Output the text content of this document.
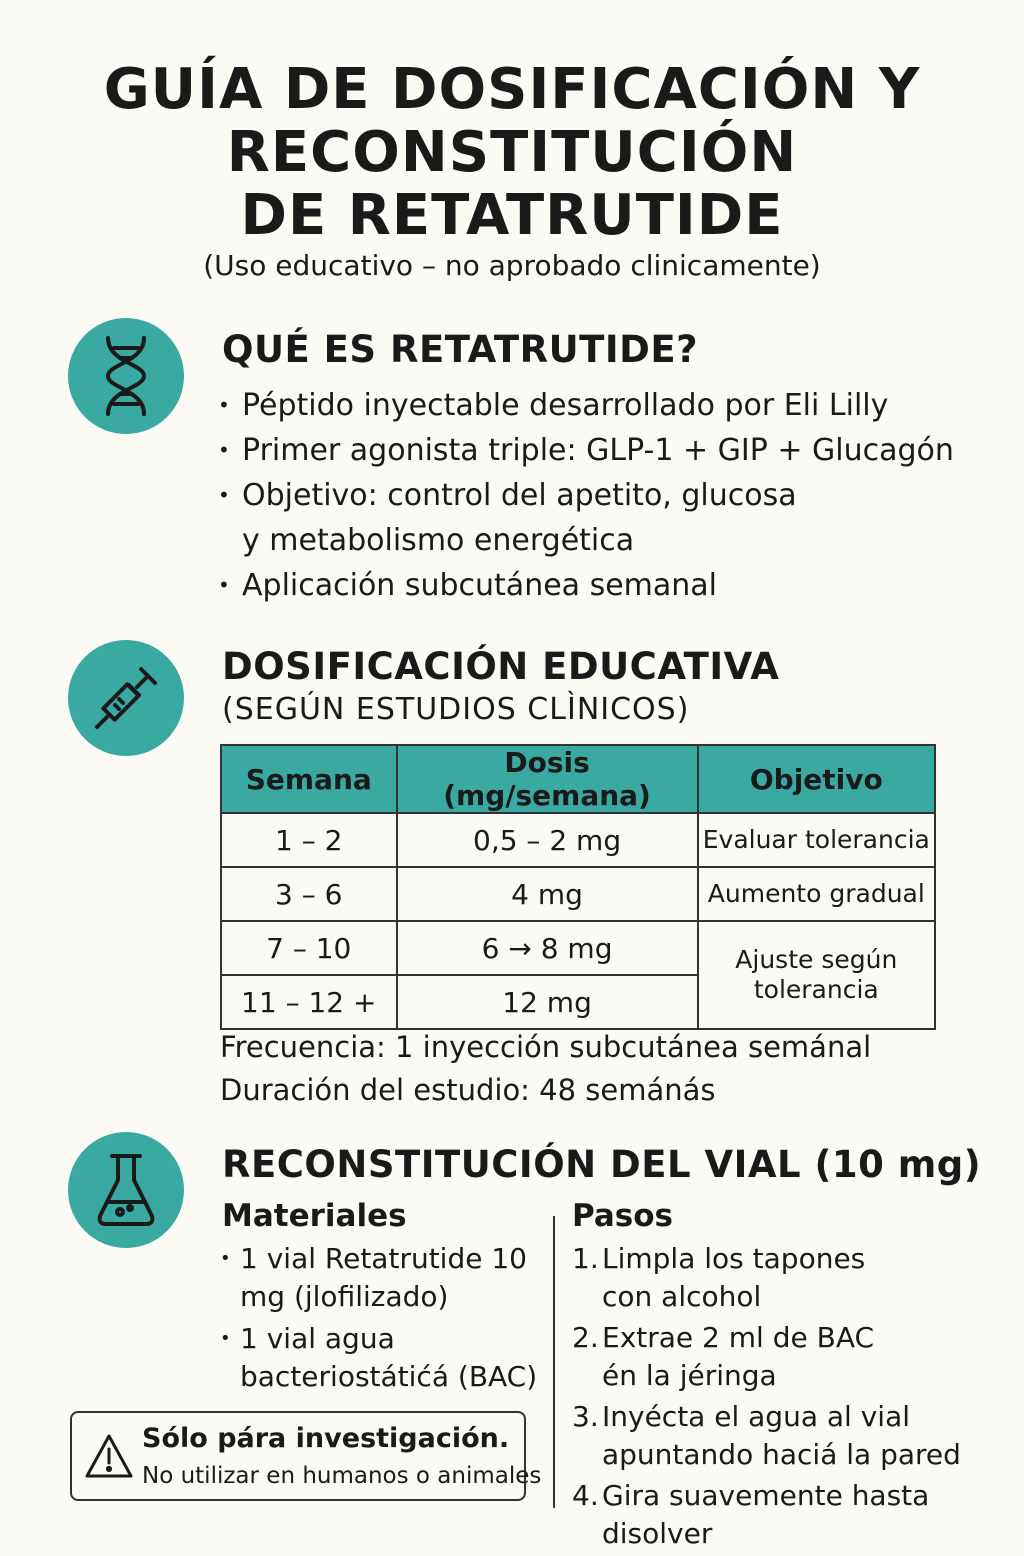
GUÍA DE DOSIFICACIÓN Y
RECONSTITUCIÓN
DE RETATRUTIDE
(Uso educativo – no aprobado clinicamente)
QUÉ ES RETATRUTIDE?
• Péptido inyectable desarrollado por Eli Lilly
• Primer agonista triple: GLP-1 + GIP + Glucagón
• Objetivo: control del apetito, glucosa
y metabolismo energética
• Aplicación subcutánea semanal
DOSIFICACIÓN EDUCATIVA
(SEGÚN ESTUDIOS CLÌNICOS)
Semana	Dosis (mg/semana)	Objetivo
1 – 2	0,5 – 2 mg	Evaluar tolerancia
3 – 6	4 mg	Aumento gradual
7 – 10	6 → 8 mg	Ajuste según tolerancia
11 – 12 +	12 mg	
Frecuencia: 1 inyección subcutánea semánal
Duración del estudio: 48 semánás
RECONSTITUCIÓN DEL VIAL (10 mg)
Materiales
• 1 vial Retatrutide 10 mg (jlofilizado)
• 1 vial agua bacteriostátićá (BAC)
Pasos
1. Limpla los tapones
con alcohol
2. Extrae 2 ml de BAC
én la jéringa
3. Inyécta el agua al vial
apuntando haciá la pared
4. Gira suavemente hasta disolver
Sólo pára investigación.
No utilizar en humanos o animales
